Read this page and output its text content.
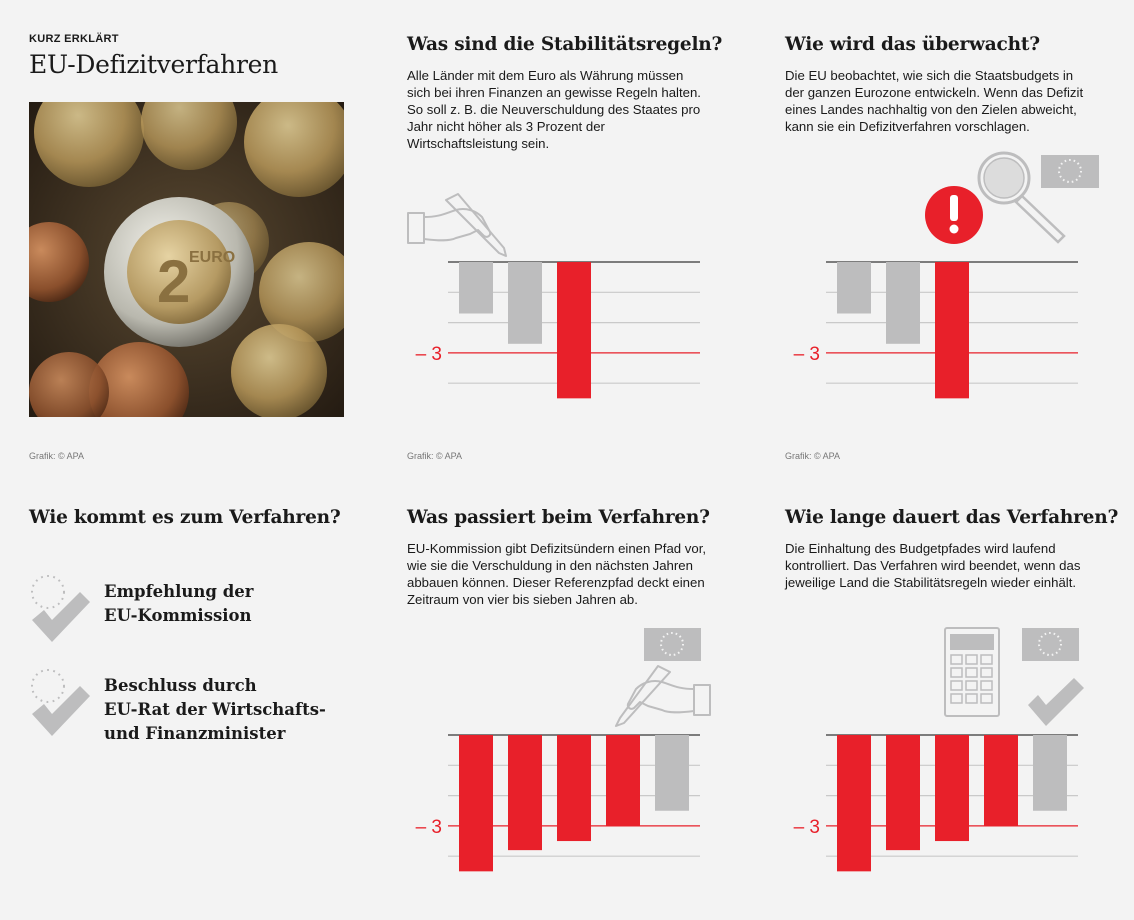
KURZ ERKLÄRT
EU-Defizitverfahren
2
EURO
Grafik: © APA
Was sind die Stabilitätsregeln?
Alle Länder mit dem Euro als Währung müssen sich bei ihren Finanzen an gewisse Regeln halten. So soll z. B. die Neuverschuldung des Staates pro Jahr nicht höher als 3 Prozent der Wirtschaftsleistung sein.
– 3
Grafik: © APA
Wie wird das überwacht?
Die EU beobachtet, wie sich die Staatsbudgets in der ganzen Eurozone entwickeln. Wenn das Defizit eines Landes nachhaltig von den Zielen abweicht, kann sie ein Defizitverfahren vorschlagen.
– 3
Grafik: © APA
Wie kommt es zum Verfahren?
Empfehlung der
EU-Kommission
Beschluss durch
EU-Rat der Wirtschafts-
und Finanzminister
Was passiert beim Verfahren?
EU-Kommission gibt Defizitsündern einen Pfad vor, wie sie die Verschuldung in den nächsten Jahren abbauen können. Dieser Referenzpfad deckt einen Zeitraum von vier bis sieben Jahren ab.
– 3
Wie lange dauert das Verfahren?
Die Einhaltung des Budgetpfades wird laufend kontrolliert. Das Verfahren wird beendet, wenn das jeweilige Land die Stabilitätsregeln wieder einhält.
– 3
